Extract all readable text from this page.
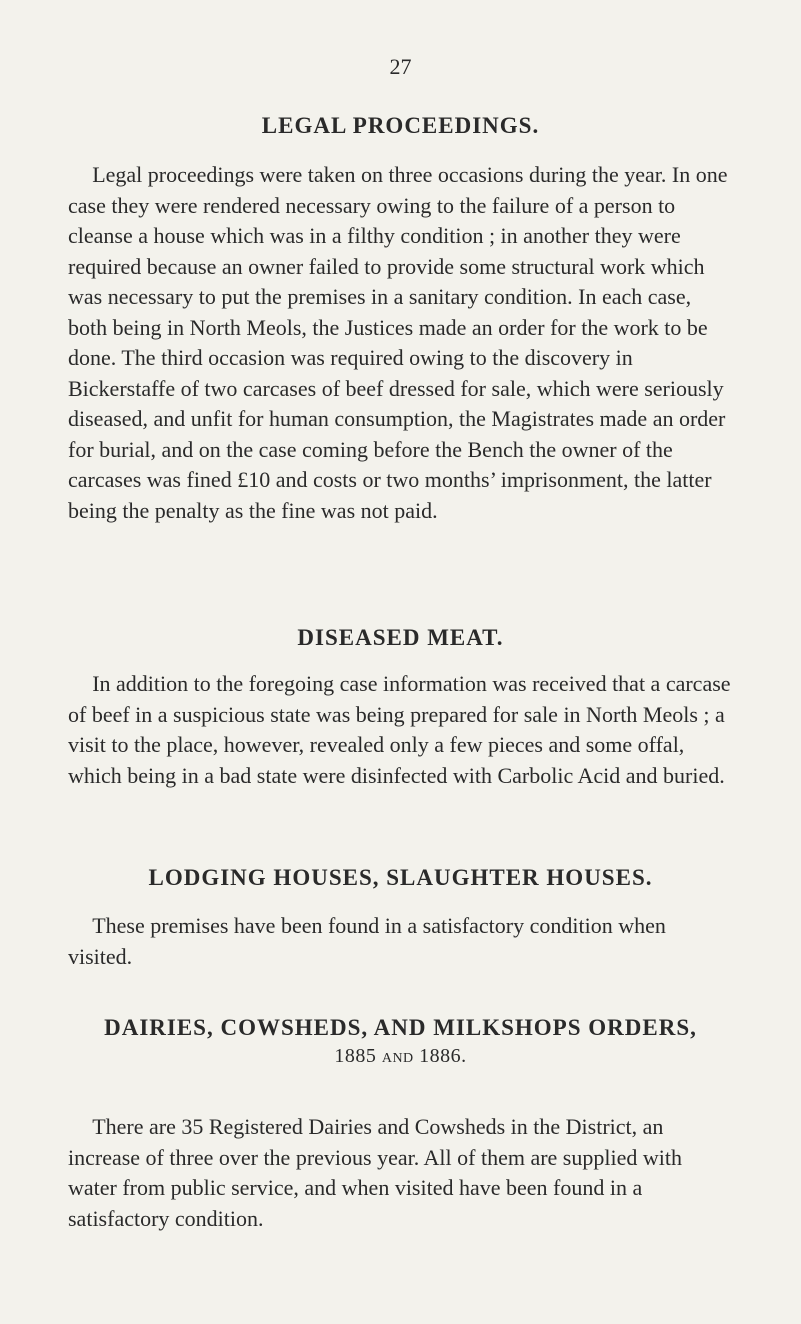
27
LEGAL PROCEEDINGS.

Legal proceedings were taken on three occasions during the year. In one case they were rendered necessary owing to the failure of a person to cleanse a house which was in a filthy condition ; in another they were required because an owner failed to provide some structural work which was necessary to put the premises in a sanitary condition. In each case, both being in North Meols, the Justices made an order for the work to be done. The third occasion was required owing to the discovery in Bickerstaffe of two carcases of beef dressed for sale, which were seriously diseased, and unfit for human consumption, the Magistrates made an order for burial, and on the case coming before the Bench the owner of the carcases was fined £10 and costs or two months’ imprisonment, the latter being the penalty as the fine was not paid.

DISEASED MEAT.

In addition to the foregoing case information was received that a carcase of beef in a suspicious state was being prepared for sale in North Meols ; a visit to the place, however, revealed only a few pieces and some offal, which being in a bad state were disinfected with Carbolic Acid and buried.

LODGING HOUSES, SLAUGHTER HOUSES.

These premises have been found in a satisfactory condition when visited.

DAIRIES, COWSHEDS, AND MILKSHOPS ORDERS,
1885 and 1886.

There are 35 Registered Dairies and Cowsheds in the District, an increase of three over the previous year. All of them are supplied with water from public service, and when visited have been found in a satisfactory condition.
